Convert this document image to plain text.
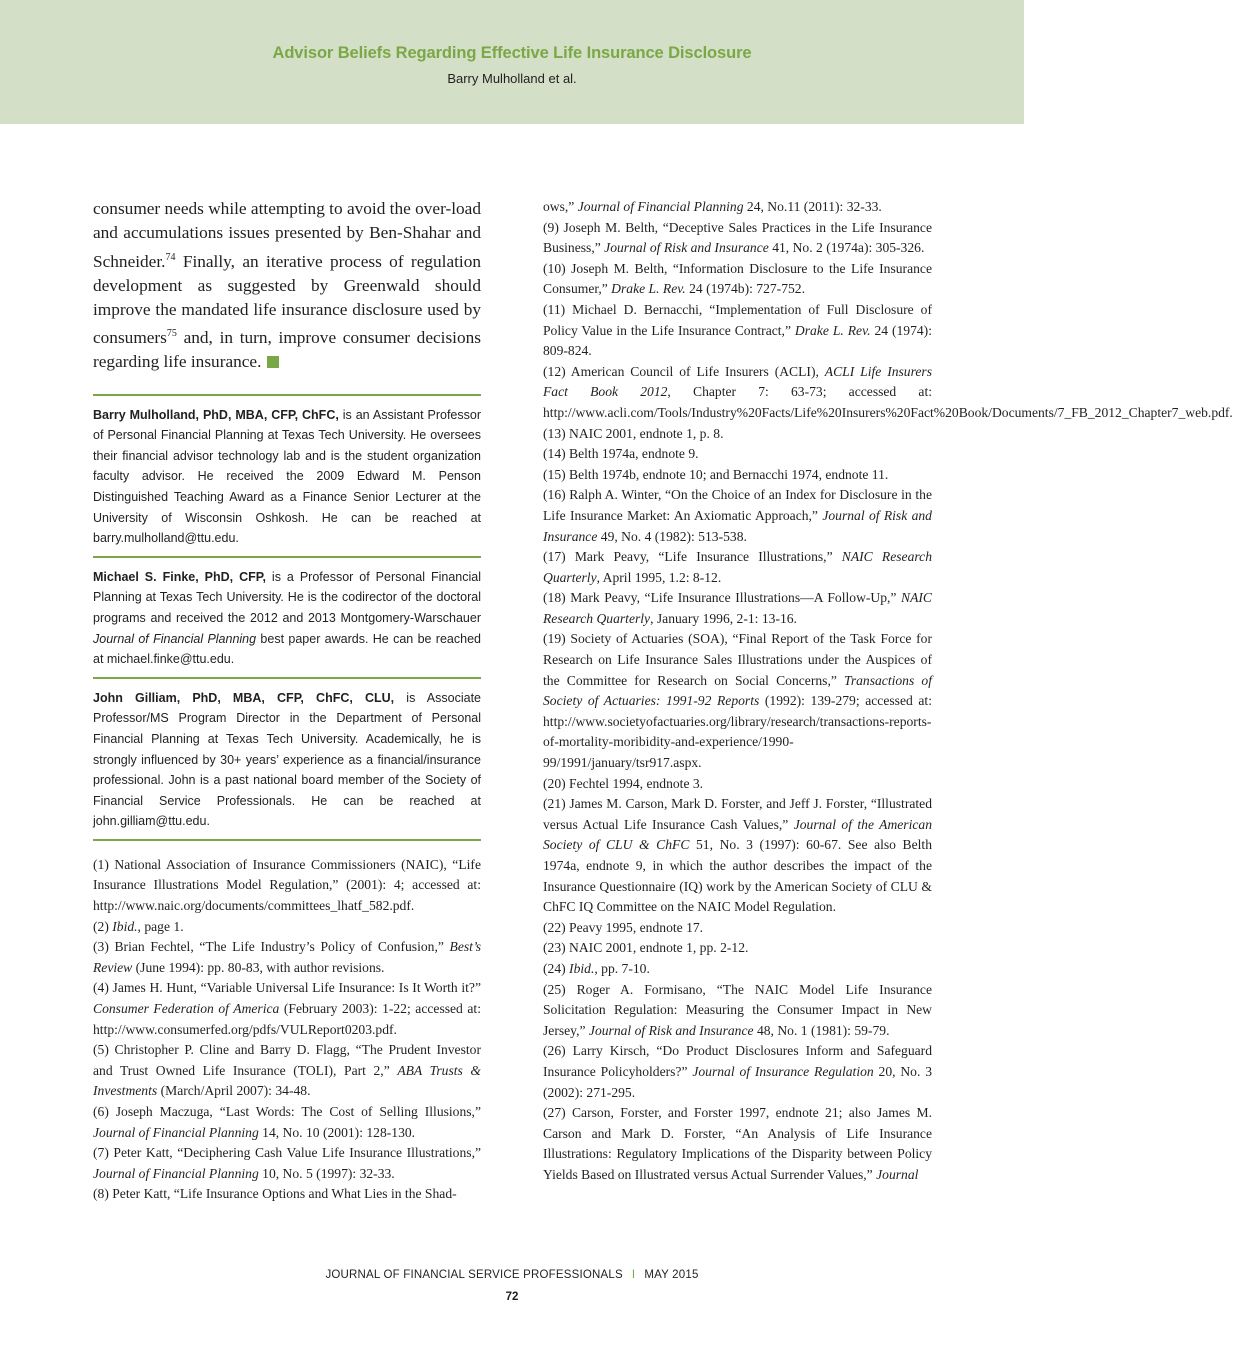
Advisor Beliefs Regarding Effective Life Insurance Disclosure
Barry Mulholland et al.

consumer needs while attempting to avoid the over-load and accumulations issues presented by Ben-Shahar and Schneider.$^{74}$ Finally, an iterative process of regulation development as suggested by Greenwald should improve the mandated life insurance disclosure used by consumers$^{75}$ and, in turn, improve consumer decisions regarding life insurance.

Barry Mulholland, PhD, MBA, CFP, ChFC, is an Assistant Professor of Personal Financial Planning at Texas Tech University. He oversees their financial advisor technology lab and is the student organization faculty advisor. He received the 2009 Edward M. Penson Distinguished Teaching Award as a Finance Senior Lecturer at the University of Wisconsin Oshkosh. He can be reached at barry.mulholland@ttu.edu.

Michael S. Finke, PhD, CFP, is a Professor of Personal Financial Planning at Texas Tech University. He is the codirector of the doctoral programs and received the 2012 and 2013 Montgomery-Warschauer Journal of Financial Planning best paper awards. He can be reached at michael.finke@ttu.edu.

John Gilliam, PhD, MBA, CFP, ChFC, CLU, is Associate Professor/MS Program Director in the Department of Personal Financial Planning at Texas Tech University. Academically, he is strongly influenced by 30+ years’ experience as a financial/insurance professional. John is a past national board member of the Society of Financial Service Professionals. He can be reached at john.gilliam@ttu.edu.

(1) National Association of Insurance Commissioners (NAIC), “Life Insurance Illustrations Model Regulation,” (2001): 4; accessed at: http://www.naic.org/documents/committees_lhatf_582.pdf.
(2) Ibid., page 1.
(3) Brian Fechtel, “The Life Industry’s Policy of Confusion,” Best’s Review (June 1994): pp. 80-83, with author revisions.
(4) James H. Hunt, “Variable Universal Life Insurance: Is It Worth it?” Consumer Federation of America (February 2003): 1-22; accessed at: http://www.consumerfed.org/pdfs/VULReport0203.pdf.
(5) Christopher P. Cline and Barry D. Flagg, “The Prudent Investor and Trust Owned Life Insurance (TOLI), Part 2,” ABA Trusts & Investments (March/April 2007): 34-48.
(6) Joseph Maczuga, “Last Words: The Cost of Selling Illusions,” Journal of Financial Planning 14, No. 10 (2001): 128-130.
(7) Peter Katt, “Deciphering Cash Value Life Insurance Illustrations,” Journal of Financial Planning 10, No. 5 (1997): 32-33.
(8) Peter Katt, “Life Insurance Options and What Lies in the Shad-
ows,” Journal of Financial Planning 24, No.11 (2011): 32-33.
(9) Joseph M. Belth, “Deceptive Sales Practices in the Life Insurance Business,” Journal of Risk and Insurance 41, No. 2 (1974a): 305-326.
(10) Joseph M. Belth, “Information Disclosure to the Life Insurance Consumer,” Drake L. Rev. 24 (1974b): 727-752.
(11) Michael D. Bernacchi, “Implementation of Full Disclosure of Policy Value in the Life Insurance Contract,” Drake L. Rev. 24 (1974): 809-824.
(12) American Council of Life Insurers (ACLI), ACLI Life Insurers Fact Book 2012, Chapter 7: 63-73; accessed at: http://www.acli.com/Tools/Industry%20Facts/Life%20Insurers%20Fact%20Book/Documents/7_FB_2012_Chapter7_web.pdf.
(13) NAIC 2001, endnote 1, p. 8.
(14) Belth 1974a, endnote 9.
(15) Belth 1974b, endnote 10; and Bernacchi 1974, endnote 11.
(16) Ralph A. Winter, “On the Choice of an Index for Disclosure in the Life Insurance Market: An Axiomatic Approach,” Journal of Risk and Insurance 49, No. 4 (1982): 513-538.
(17) Mark Peavy, “Life Insurance Illustrations,” NAIC Research Quarterly, April 1995, 1.2: 8-12.
(18) Mark Peavy, “Life Insurance Illustrations—A Follow-Up,” NAIC Research Quarterly, January 1996, 2-1: 13-16.
(19) Society of Actuaries (SOA), “Final Report of the Task Force for Research on Life Insurance Sales Illustrations under the Auspices of the Committee for Research on Social Concerns,” Transactions of Society of Actuaries: 1991-92 Reports (1992): 139-279; accessed at: http://www.societyofactuaries.org/library/research/transactions-reports-of-mortality-moribidity-and-experience/1990-99/1991/january/tsr917.aspx.
(20) Fechtel 1994, endnote 3.
(21) James M. Carson, Mark D. Forster, and Jeff J. Forster, “Illustrated versus Actual Life Insurance Cash Values,” Journal of the American Society of CLU & ChFC 51, No. 3 (1997): 60-67. See also Belth 1974a, endnote 9, in which the author describes the impact of the Insurance Questionnaire (IQ) work by the American Society of CLU & ChFC IQ Committee on the NAIC Model Regulation.
(22) Peavy 1995, endnote 17.
(23) NAIC 2001, endnote 1, pp. 2-12.
(24) Ibid., pp. 7-10.
(25) Roger A. Formisano, “The NAIC Model Life Insurance Solicitation Regulation: Measuring the Consumer Impact in New Jersey,” Journal of Risk and Insurance 48, No. 1 (1981): 59-79.
(26) Larry Kirsch, “Do Product Disclosures Inform and Safeguard Insurance Policyholders?” Journal of Insurance Regulation 20, No. 3 (2002): 271-295.
(27) Carson, Forster, and Forster 1997, endnote 21; also James M. Carson and Mark D. Forster, “An Analysis of Life Insurance Illustrations: Regulatory Implications of the Disparity between Policy Yields Based on Illustrated versus Actual Surrender Values,” Journal
JOURNAL OF FINANCIAL SERVICE PROFESSIONALS I MAY 2015
72
